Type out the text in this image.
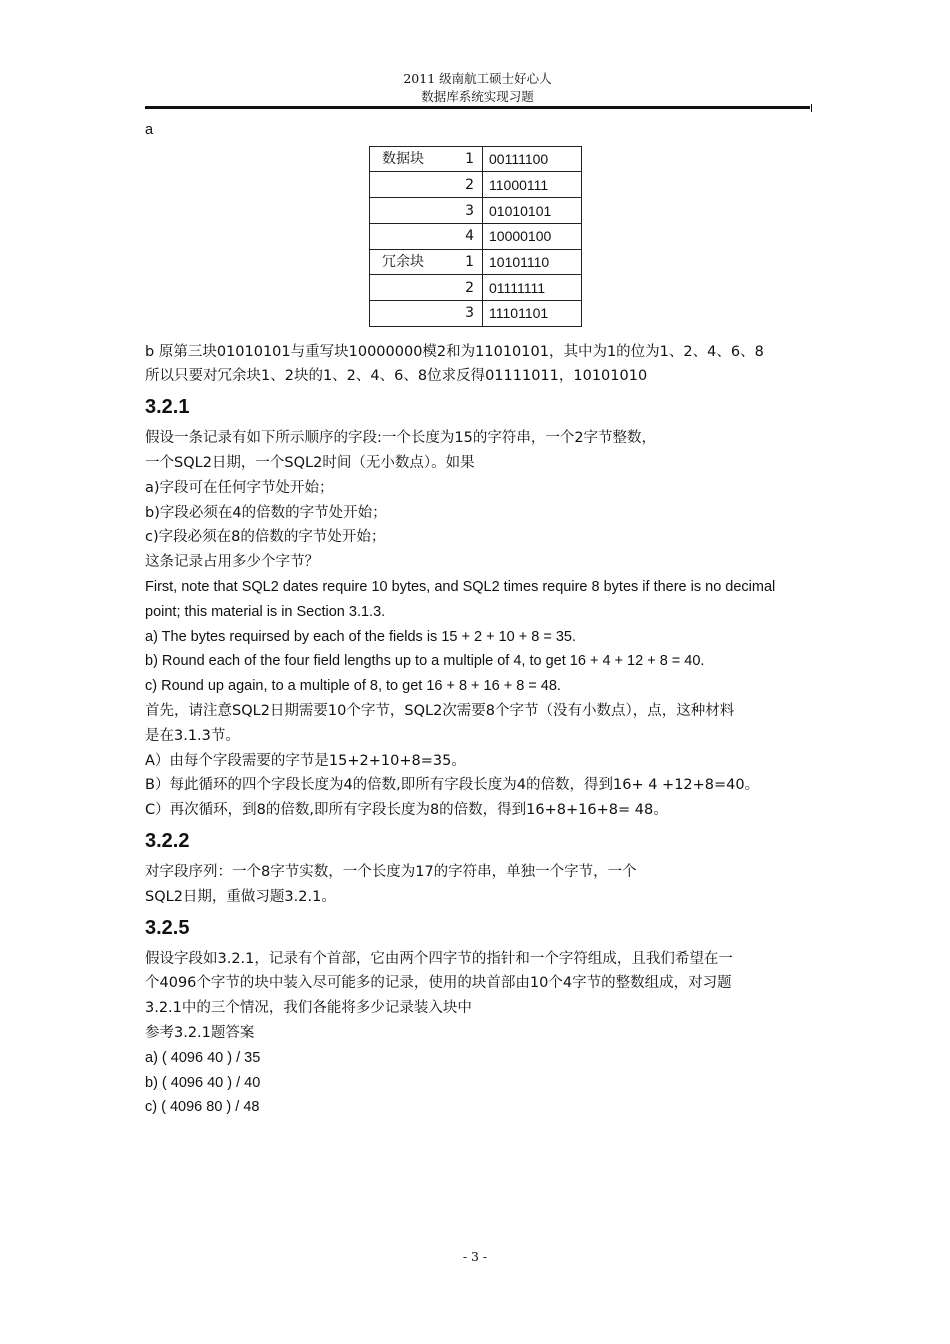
2011 级南航工硕士好心人
数据库系统实现习题
a
数据块	1	00111100
	2	11000111
	3	01010101
	4	10000100
冗余块	1	10101110
	2	01111111
	3	11101101
b 原第三块01010101与重写块10000000模2和为11010101，其中为1的位为1、2、4、6、8
所以只要对冗余块1、2块的1、2、4、6、8位求反得01111011，10101010
3.2.1
假设一条记录有如下所示顺序的字段:一个长度为15的字符串，一个2字节整数，
一个SQL2日期，一个SQL2时间（无小数点）。如果
a)字段可在任何字节处开始；
b)字段必须在4的倍数的字节处开始；
c)字段必须在8的倍数的字节处开始；
这条记录占用多少个字节？
First, note that SQL2 dates require 10 bytes, and SQL2 times require 8 bytes if there is no decimal
point; this material is in Section 3.1.3.
a) The bytes requirsed by each of the fields is 15 + 2 + 10 + 8 = 35.
b) Round each of the four field lengths up to a multiple of 4, to get 16 + 4 + 12 + 8 = 40.
c) Round up again, to a multiple of 8, to get 16 + 8 + 16 + 8 = 48.
首先，请注意SQL2日期需要10个字节，SQL2次需要8个字节（没有小数点），点，这种材料
是在3.1.3节。
A）由每个字段需要的字节是15+2+10+8=35。
B）每此循环的四个字段长度为4的倍数,即所有字段长度为4的倍数，得到16+ 4 +12+8=40。
C）再次循环，到8的倍数,即所有字段长度为8的倍数，得到16+8+16+8= 48。
3.2.2
对字段序列：一个8字节实数，一个长度为17的字符串，单独一个字节，一个
SQL2日期，重做习题3.2.1。
3.2.5
假设字段如3.2.1，记录有个首部，它由两个四字节的指针和一个字符组成，且我们希望在一
个4096个字节的块中装入尽可能多的记录，使用的块首部由10个4字节的整数组成，对习题
3.2.1中的三个情况，我们各能将多少记录装入块中
参考3.2.1题答案
a) ( 4096 40 ) / 35
b) ( 4096 40 ) / 40
c) ( 4096 80 ) / 48
- 3 -
